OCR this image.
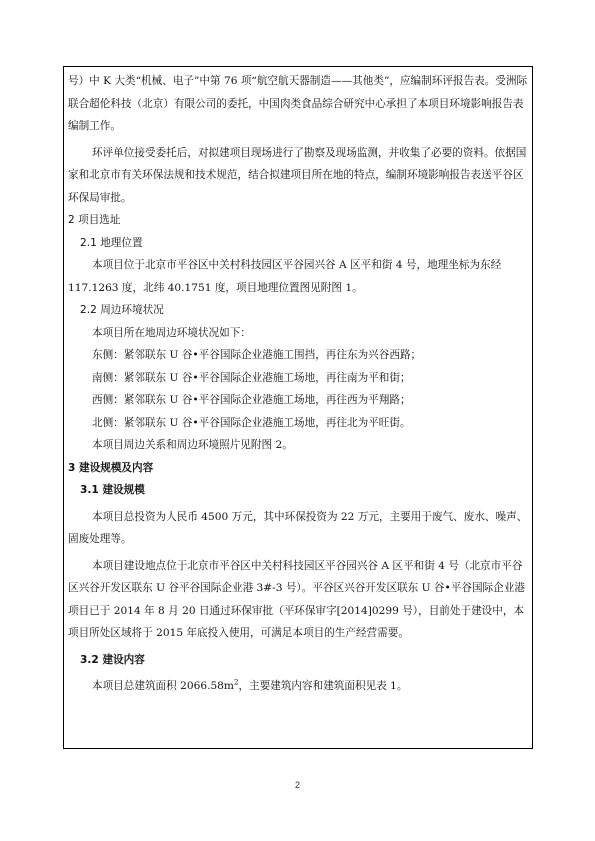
号）中 K 大类“机械、电子”中第 76 项“航空航天器制造——其他类”，应编制环评报告表。受洲际联合超伦科技（北京）有限公司的委托，中国肉类食品综合研究中心承担了本项目环境影响报告表编制工作。

环评单位接受委托后，对拟建项目现场进行了勘察及现场监测，并收集了必要的资料。依据国家和北京市有关环保法规和技术规范，结合拟建项目所在地的特点，编制环境影响报告表送平谷区环保局审批。

2 项目选址

2.1 地理位置

本项目位于北京市平谷区中关村科技园区平谷园兴谷 A 区平和街 4 号，地理坐标为东经 117.1263 度，北纬 40.1751 度，项目地理位置图见附图 1。

2.2 周边环境状况

本项目所在地周边环境状况如下：

东侧：紧邻联东 U 谷•平谷国际企业港施工围挡，再往东为兴谷西路；

南侧：紧邻联东 U 谷•平谷国际企业港施工场地，再往南为平和街；

西侧：紧邻联东 U 谷•平谷国际企业港施工场地，再往西为平翔路；

北侧：紧邻联东 U 谷•平谷国际企业港施工场地，再往北为平旺街。

本项目周边关系和周边环境照片见附图 2。

3 建设规模及内容

3.1 建设规模

本项目总投资为人民币 4500 万元，其中环保投资为 22 万元，主要用于废气、废水、噪声、固废处理等。

本项目建设地点位于北京市平谷区中关村科技园区平谷园兴谷 A 区平和街 4 号（北京市平谷区兴谷开发区联东 U 谷平谷国际企业港 3#-3 号）。平谷区兴谷开发区联东 U 谷•平谷国际企业港项目已于 2014 年 8 月 20 日通过环保审批（平环保审字[2014]0299 号），目前处于建设中，本项目所处区域将于 2015 年底投入使用，可满足本项目的生产经营需要。

3.2 建设内容

本项目总建筑面积 $2066.58m^2$，主要建筑内容和建筑面积见表 1。

2
